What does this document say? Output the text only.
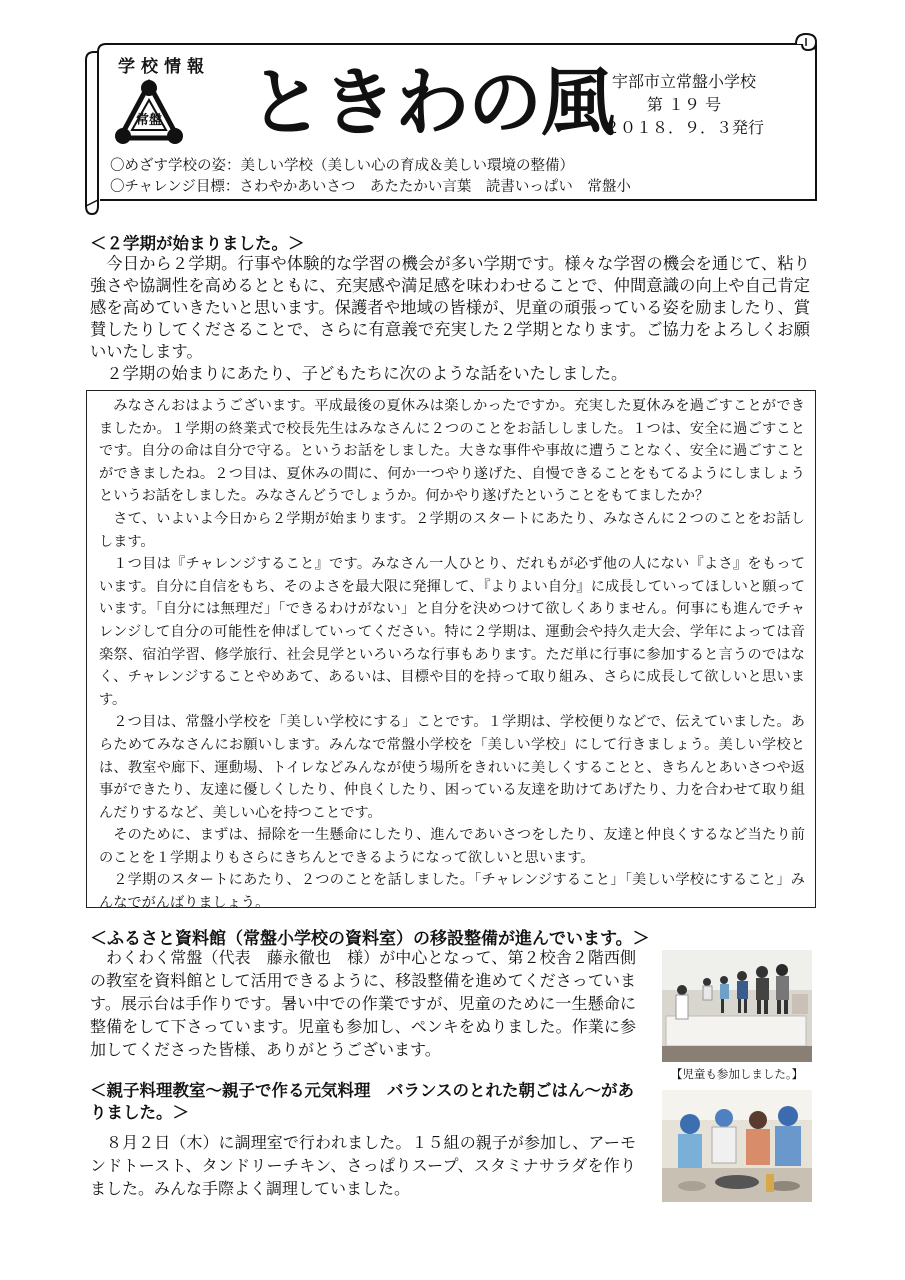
学校情報
常盤 ときわの風
宇部市立常盤小学校
第 １９ 号
２０１８．９．３発行
〇めざす学校の姿：美しい学校（美しい心の育成＆美しい環境の整備）
〇チャレンジ目標：さわやかあいさつ　あたたかい言葉　読書いっぱい　常盤小
＜２学期が始まりました。＞

今日から２学期。行事や体験的な学習の機会が多い学期です。様々な学習の機会を通じて、粘り強さや協調性を高めるとともに、充実感や満足感を味わわせることで、仲間意識の向上や自己肯定感を高めていきたいと思います。保護者や地域の皆様が、児童の頑張っている姿を励ましたり、賞賛したりしてくださることで、さらに有意義で充実した２学期となります。ご協力をよろしくお願いいたします。

２学期の始まりにあたり、子どもたちに次のような話をいたしました。

みなさんおはようございます。平成最後の夏休みは楽しかったですか。充実した夏休みを過ごすことができましたか。１学期の終業式で校長先生はみなさんに２つのことをお話ししました。１つは、安全に過ごすことです。自分の命は自分で守る。というお話をしました。大きな事件や事故に遭うことなく、安全に過ごすことができましたね。２つ目は、夏休みの間に、何か一つやり遂げた、自慢できることをもてるようにしましょうというお話をしました。みなさんどうでしょうか。何かやり遂げたということをもてましたか？

さて、いよいよ今日から２学期が始まります。２学期のスタートにあたり、みなさんに２つのことをお話しします。

１つ目は『チャレンジすること』です。みなさん一人ひとり、だれもが必ず他の人にない『よさ』をもっています。自分に自信をもち、そのよさを最大限に発揮して、『よりよい自分』に成長していってほしいと願っています。「自分には無理だ」「できるわけがない」と自分を決めつけて欲しくありません。何事にも進んでチャレンジして自分の可能性を伸ばしていってください。特に２学期は、運動会や持久走大会、学年によっては音楽祭、宿泊学習、修学旅行、社会見学といろいろな行事もあります。ただ単に行事に参加すると言うのではなく、チャレンジすることやめあて、あるいは、目標や目的を持って取り組み、さらに成長して欲しいと思います。

２つ目は、常盤小学校を「美しい学校にする」ことです。１学期は、学校便りなどで、伝えていました。あらためてみなさんにお願いします。みんなで常盤小学校を「美しい学校」にして行きましょう。美しい学校とは、教室や廊下、運動場、トイレなどみんなが使う場所をきれいに美しくすることと、きちんとあいさつや返事ができたり、友達に優しくしたり、仲良くしたり、困っている友達を助けてあげたり、力を合わせて取り組んだりするなど、美しい心を持つことです。

そのために、まずは、掃除を一生懸命にしたり、進んであいさつをしたり、友達と仲良くするなど当たり前のことを１学期よりもさらにきちんとできるようになって欲しいと思います。

２学期のスタートにあたり、２つのことを話しました。「チャレンジすること」「美しい学校にすること」みんなでがんばりましょう。

＜ふるさと資料館（常盤小学校の資料室）の移設整備が進んでいます。＞

わくわく常盤（代表　藤永徹也　様）が中心となって、第２校舎２階西側の教室を資料館として活用できるように、移設整備を進めてくださっています。展示台は手作りです。暑い中での作業ですが、児童のために一生懸命に整備をして下さっています。児童も参加し、ペンキをぬりました。作業に参加してくださった皆様、ありがとうございます。

【児童も参加しました。】
＜親子料理教室～親子で作る元気料理　バランスのとれた朝ごはん～がありました。＞

８月２日（木）に調理室で行われました。１５組の親子が参加し、アーモンドトースト、タンドリーチキン、さっぱりスープ、スタミナサラダを作りました。みんな手際よく調理していました。
